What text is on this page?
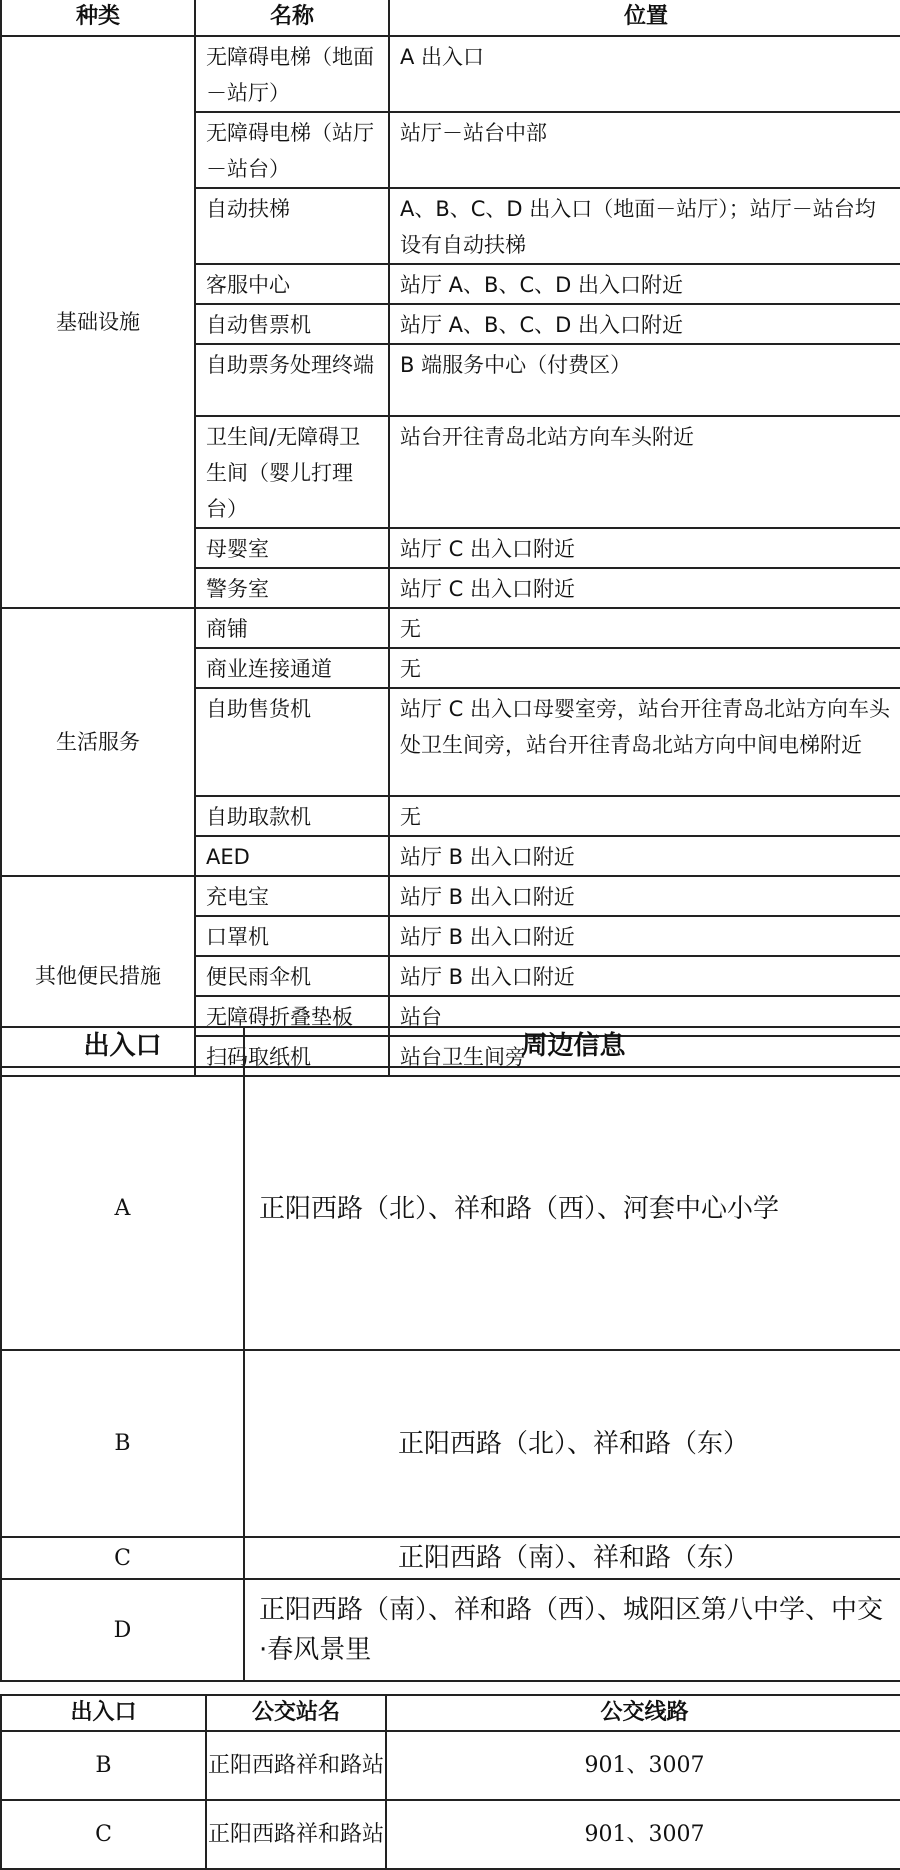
种类	名称	位置
基础设施	无障碍电梯（地面－站厅）	A 出入口
	无障碍电梯（站厅－站台）	站厅－站台中部
	自动扶梯	A、B、C、D 出入口（地面－站厅）；站厅－站台均设有自动扶梯
	客服中心	站厅 A、B、C、D 出入口附近
	自动售票机	站厅 A、B、C、D 出入口附近
	自助票务处理终端	B 端服务中心（付费区）
	卫生间/无障碍卫生间（婴儿打理台）	站台开往青岛北站方向车头附近
	母婴室	站厅 C 出入口附近
	警务室	站厅 C 出入口附近
生活服务	商铺	无
	商业连接通道	无
	自助售货机	站厅 C 出入口母婴室旁，站台开往青岛北站方向车头处卫生间旁，站台开往青岛北站方向中间电梯附近
	自助取款机	无
	AED	站厅 B 出入口附近
其他便民措施	充电宝	站厅 B 出入口附近
	口罩机	站厅 B 出入口附近
	便民雨伞机	站厅 B 出入口附近
	无障碍折叠垫板	站台
	扫码取纸机	站台卫生间旁
出入口	周边信息
A	正阳西路（北）、祥和路（西）、河套中心小学
B	正阳西路（北）、祥和路（东）
C	正阳西路（南）、祥和路（东）
D	正阳西路（南）、祥和路（西）、城阳区第八中学、中交·春风景里
出入口	公交站名	公交线路
B	正阳西路祥和路站	901、3007
C	正阳西路祥和路站	901、3007
